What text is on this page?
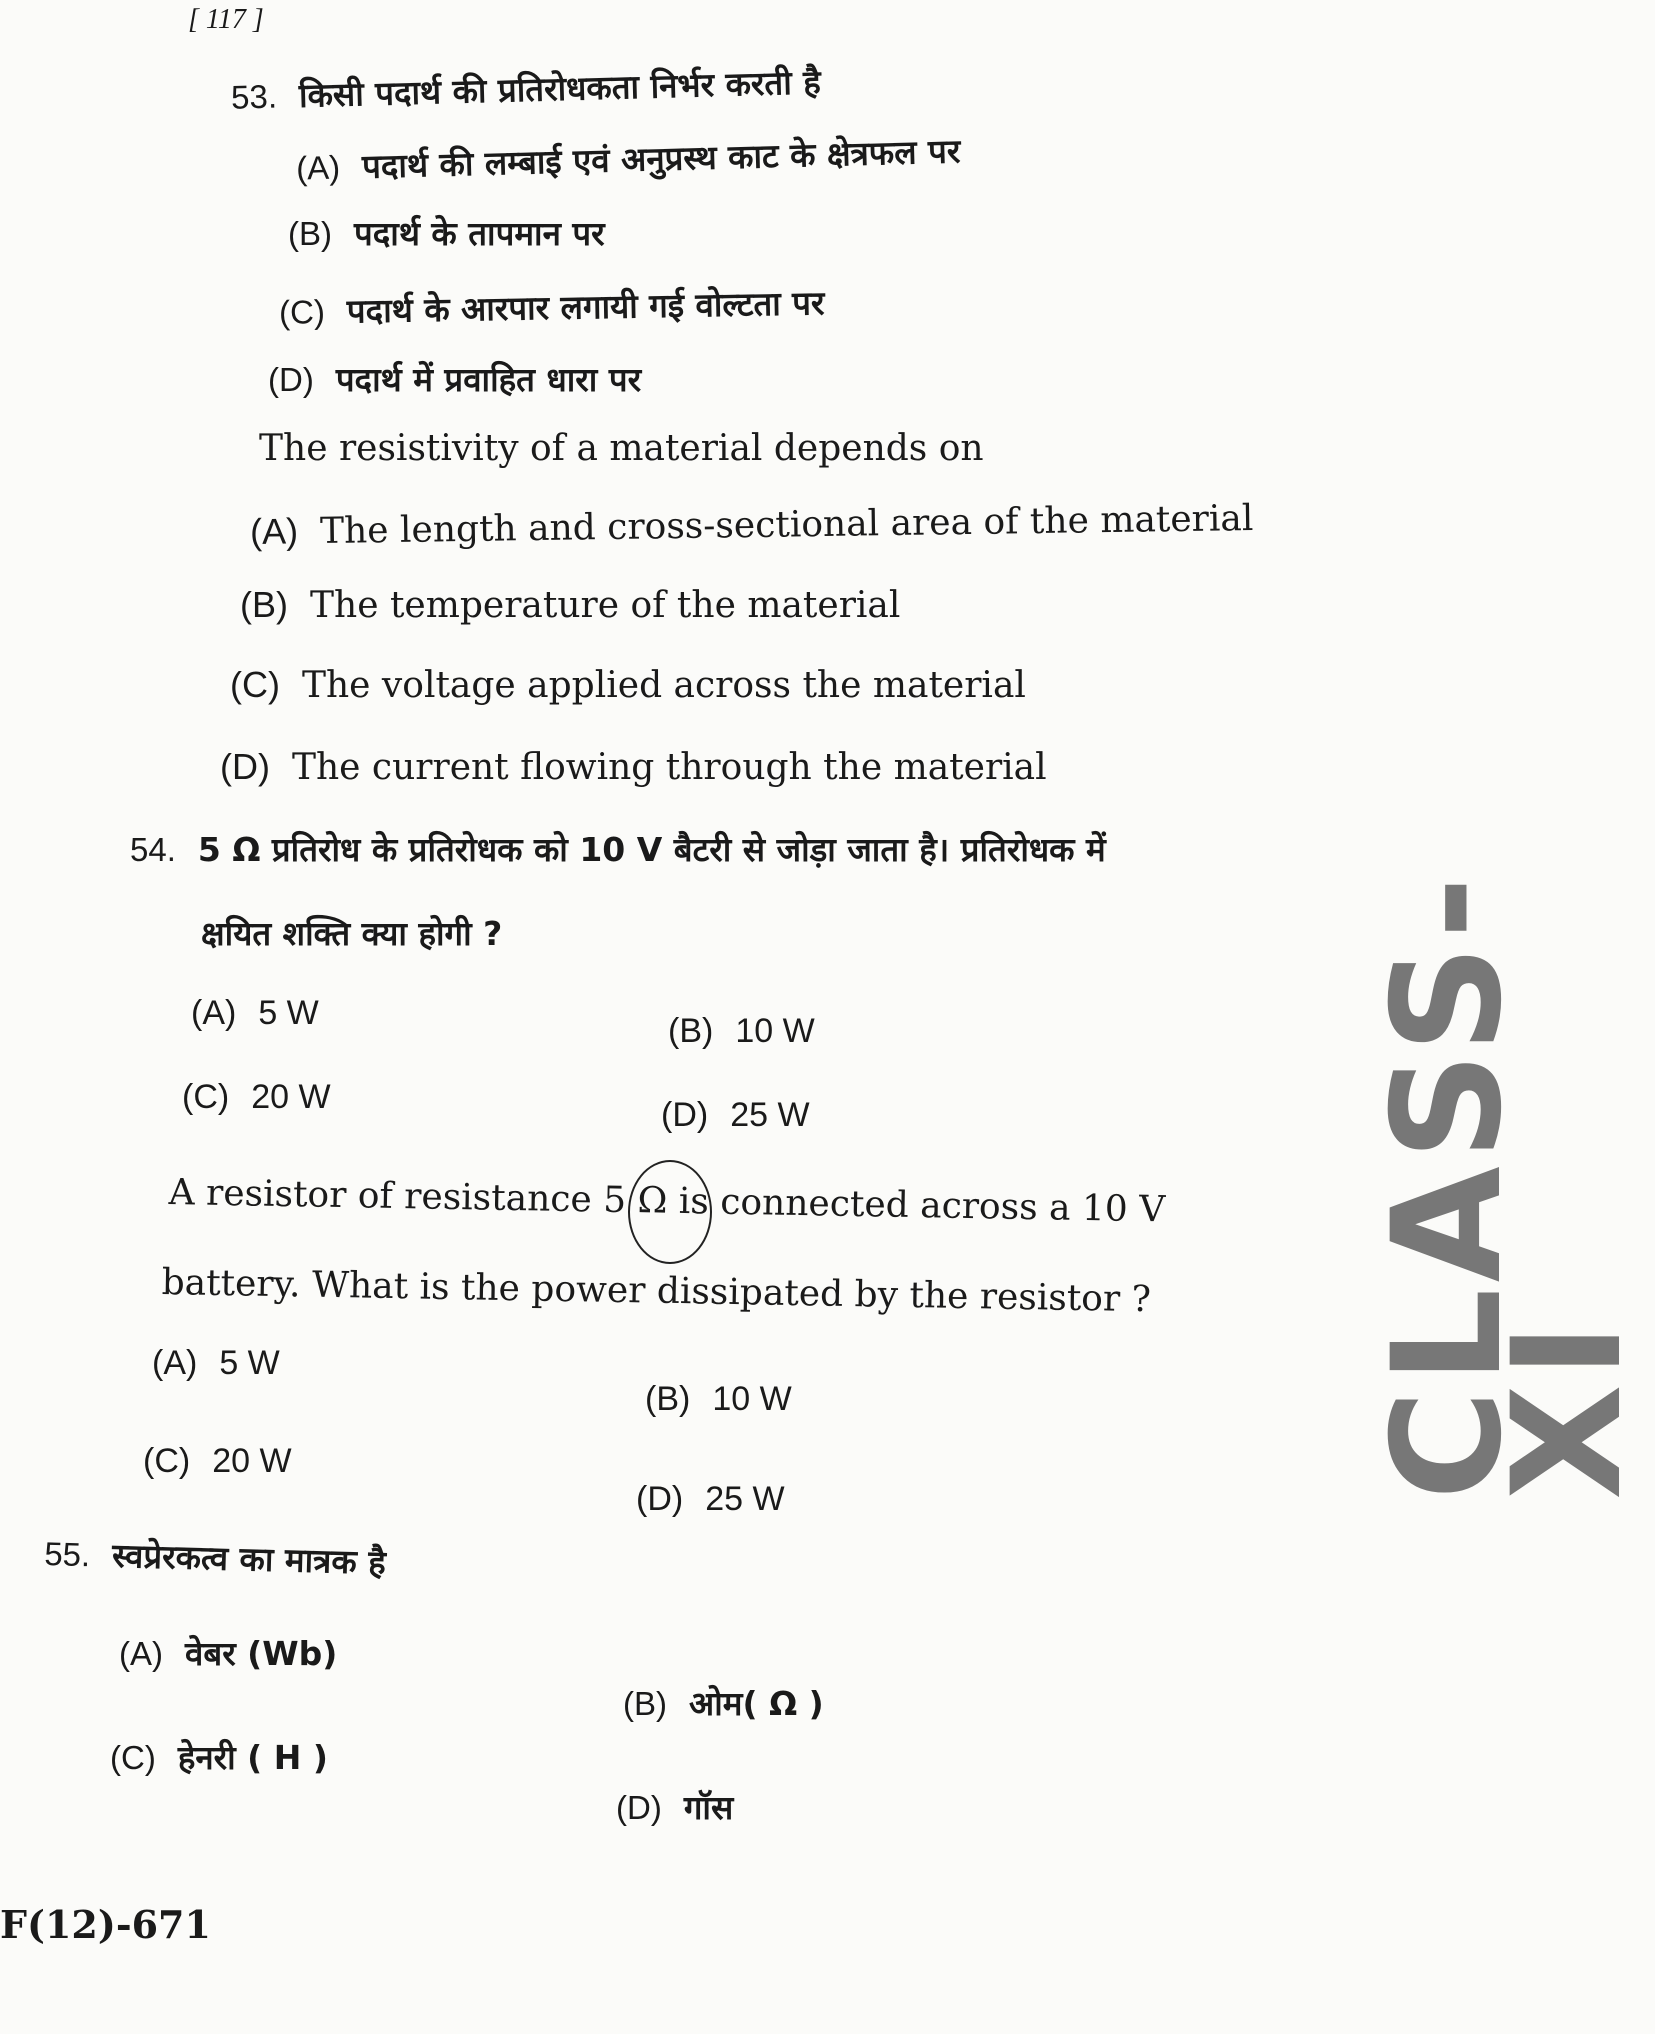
[ 117 ]
CLASS-XI
53. किसी पदार्थ की प्रतिरोधकता निर्भर करती है
(A) पदार्थ की लम्बाई एवं अनुप्रस्थ काट के क्षेत्रफल पर
(B) पदार्थ के तापमान पर
(C) पदार्थ के आरपार लगायी गई वोल्टता पर
(D) पदार्थ में प्रवाहित धारा पर
The resistivity of a material depends on
(A) The length and cross-sectional area of the material
(B) The temperature of the material
(C) The voltage applied across the material
(D) The current flowing through the material
54. 5 Ω प्रतिरोध के प्रतिरोधक को 10 V बैटरी से जोड़ा जाता है। प्रतिरोधक में
क्षयित शक्ति क्या होगी ?
(A) 5 W	(B) 10 W
(C) 20 W	(D) 25 W
A resistor of resistance 5 Ω is connected across a 10 V
battery. What is the power dissipated by the resistor ?
(A) 5 W
(B) 10 W
(C) 20 W
(D) 25 W
55. स्वप्रेरकत्व का मात्रक है
(A) वेबर (Wb)
(B) ओम( Ω )
(C) हेनरी ( H )
(D) गॉस
F(12)-671
